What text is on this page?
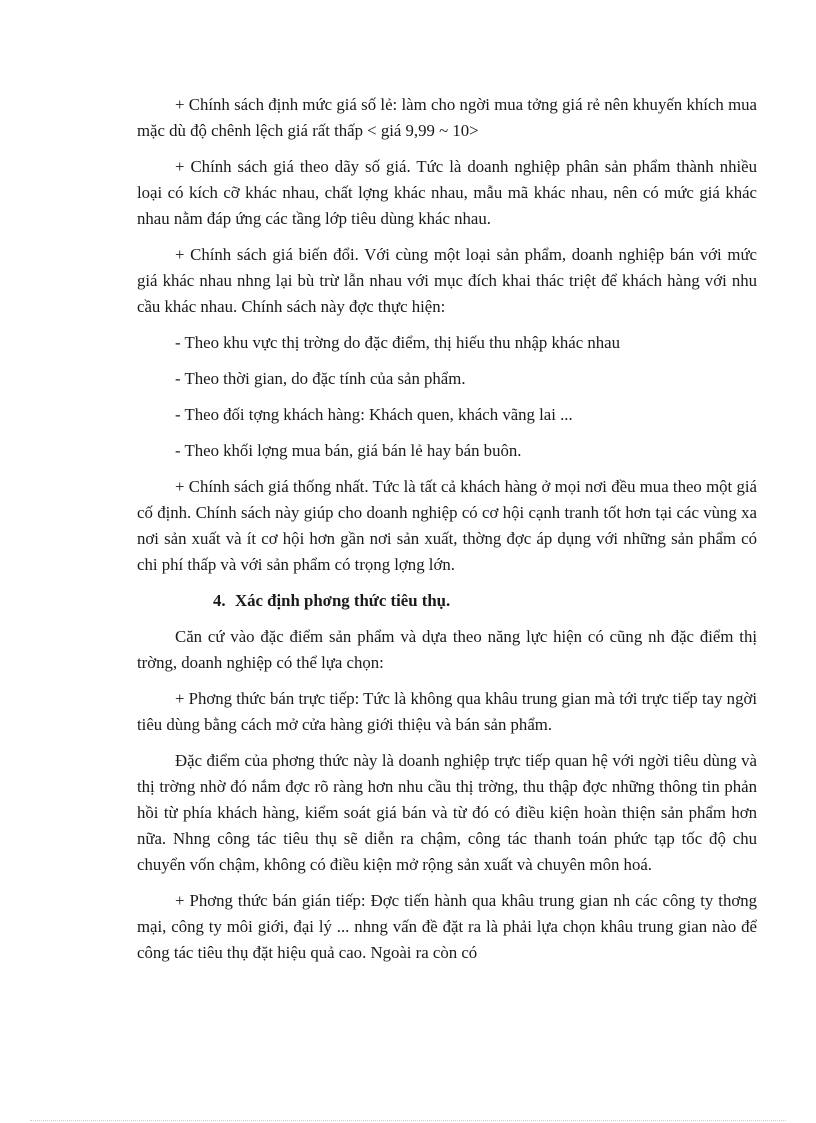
+ Chính sách định mức giá số lẻ: làm cho ngời mua tởng giá rẻ nên khuyến khích mua mặc dù độ chênh lệch giá rất thấp < giá 9,99 ~ 10>

+ Chính sách giá theo dãy số giá. Tức là doanh nghiệp phân sản phẩm thành nhiều loại có kích cỡ khác nhau, chất lợng khác nhau, mẫu mã khác nhau, nên có mức giá khác nhau nằm đáp ứng các tầng lớp tiêu dùng khác nhau.

+ Chính sách giá biến đổi. Với cùng một loại sản phẩm, doanh nghiệp bán với mức giá khác nhau nhng lại bù trừ lẫn nhau với mục đích khai thác triệt để khách hàng với nhu cầu khác nhau. Chính sách này đợc thực hiện:

- Theo khu vực thị trờng do đặc điểm, thị hiếu thu nhập khác nhau

- Theo thời gian, do đặc tính của sản phẩm.

- Theo đối tợng khách hàng: Khách quen, khách vãng lai ...

- Theo khối lợng mua bán, giá bán lẻ hay bán buôn.

+ Chính sách giá thống nhất. Tức là tất cả khách hàng ở mọi nơi đều mua theo một giá cố định. Chính sách này giúp cho doanh nghiệp có cơ hội cạnh tranh tốt hơn tại các vùng xa nơi sản xuất và ít cơ hội hơn gần nơi sản xuất, thờng đợc áp dụng với những sản phẩm có chi phí thấp và với sản phẩm có trọng lợng lớn.

4. Xác định phơng thức tiêu thụ.

Căn cứ vào đặc điểm sản phẩm và dựa theo năng lực hiện có cũng nh đặc điểm thị trờng, doanh nghiệp có thể lựa chọn:

+ Phơng thức bán trực tiếp: Tức là không qua khâu trung gian mà tới trực tiếp tay ngời tiêu dùng bằng cách mở cửa hàng giới thiệu và bán sản phẩm.

Đặc điểm của phơng thức này là doanh nghiệp trực tiếp quan hệ với ngời tiêu dùng và thị trờng nhờ đó nắm đợc rõ ràng hơn nhu cầu thị trờng, thu thập đợc những thông tin phản hồi từ phía khách hàng, kiểm soát giá bán và từ đó có điều kiện hoàn thiện sản phẩm hơn nữa. Nhng công tác tiêu thụ sẽ diễn ra chậm, công tác thanh toán phức tạp tốc độ chu chuyển vốn chậm, không có điều kiện mở rộng sản xuất và chuyên môn hoá.

+ Phơng thức bán gián tiếp: Đợc tiến hành qua khâu trung gian nh các công ty thơng mại, công ty môi giới, đại lý ... nhng vấn đề đặt ra là phải lựa chọn khâu trung gian nào để công tác tiêu thụ đặt hiệu quả cao. Ngoài ra còn có
